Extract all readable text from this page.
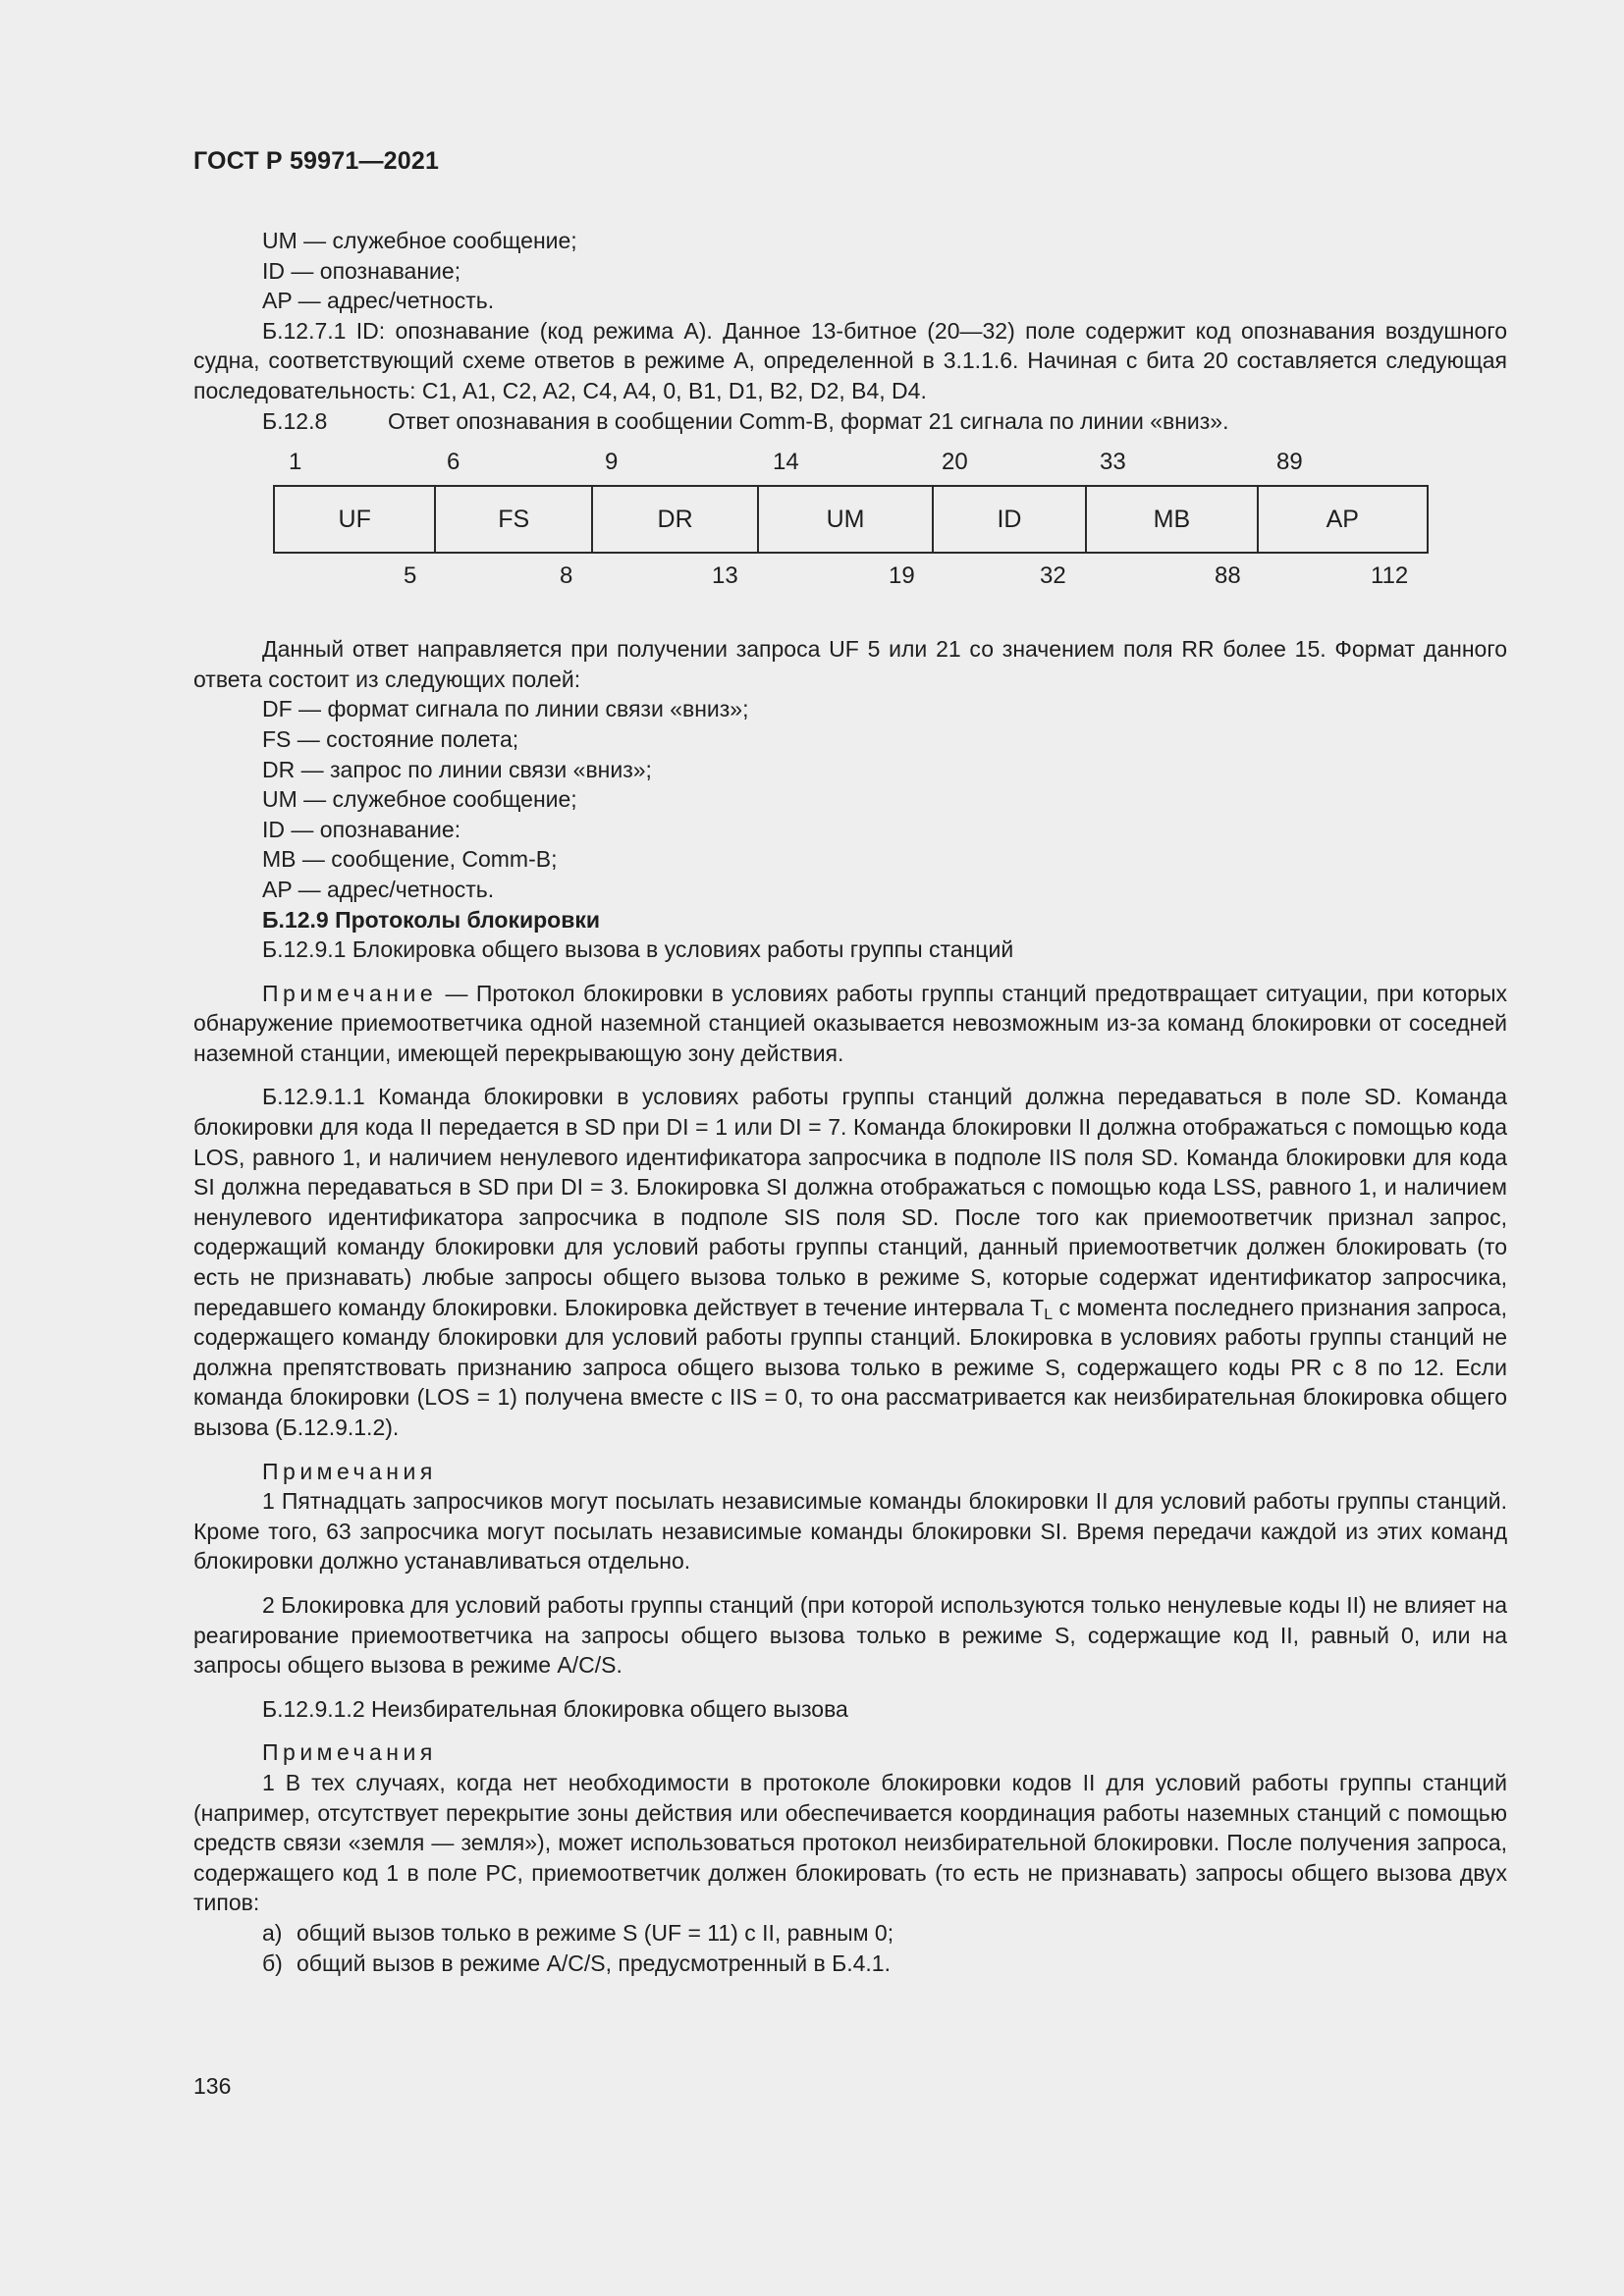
ГОСТ Р 59971—2021

UM — служебное сообщение;

ID — опознавание;

AP — адрес/четность.

Б.12.7.1 ID: опознавание (код режима А). Данное 13-битное (20—32) поле содержит код опознавания воздушного судна, соответствующий схеме ответов в режиме А, определенной в 3.1.1.6. Начиная с бита 20 составляется следующая последовательность: C1, A1, C2, A2, C4, A4, 0, B1, D1, B2, D2, B4, D4.

Б.12.8	Ответ опознавания в сообщении Comm-B, формат 21 сигнала по линии «вниз».

1	6	9	14	20	33	89
UF	FS	DR	UM	ID	MB	AP
5	8	13	19	32	88	112

Данный ответ направляется при получении запроса UF 5 или 21 со значением поля RR более 15. Формат данного ответа состоит из следующих полей:

DF — формат сигнала по линии связи «вниз»;

FS — состояние полета;

DR — запрос по линии связи «вниз»;

UM — служебное сообщение;

ID — опознавание:

MB — сообщение, Comm-B;

AP — адрес/четность.

Б.12.9 Протоколы блокировки

Б.12.9.1 Блокировка общего вызова в условиях работы группы станций

Примечание — Протокол блокировки в условиях работы группы станций предотвращает ситуации, при которых обнаружение приемоответчика одной наземной станцией оказывается невозможным из-за команд блокировки от соседней наземной станции, имеющей перекрывающую зону действия.

Б.12.9.1.1 Команда блокировки в условиях работы группы станций должна передаваться в поле SD. Команда блокировки для кода II передается в SD при DI = 1 или DI = 7. Команда блокировки II должна отображаться с помощью кода LOS, равного 1, и наличием ненулевого идентификатора запросчика в подполе IIS поля SD. Команда блокировки для кода SI должна передаваться в SD при DI = 3. Блокировка SI должна отображаться с помощью кода LSS, равного 1, и наличием ненулевого идентификатора запросчика в подполе SIS поля SD. После того как приемоответчик признал запрос, содержащий команду блокировки для условий работы группы станций, данный приемоответчик должен блокировать (то есть не признавать) любые запросы общего вызова только в режиме S, которые содержат идентификатор запросчика, передавшего команду блокировки. Блокировка действует в течение интервала $T_L$ с момента последнего признания запроса, содержащего команду блокировки для условий работы группы станций. Блокировка в условиях работы группы станций не должна препятствовать признанию запроса общего вызова только в режиме S, содержащего коды PR с 8 по 12. Если команда блокировки (LOS = 1) получена вместе с IIS = 0, то она рассматривается как неизбирательная блокировка общего вызова (Б.12.9.1.2).

Примечания

1 Пятнадцать запросчиков могут посылать независимые команды блокировки II для условий работы группы станций. Кроме того, 63 запросчика могут посылать независимые команды блокировки SI. Время передачи каждой из этих команд блокировки должно устанавливаться отдельно.

2 Блокировка для условий работы группы станций (при которой используются только ненулевые коды II) не влияет на реагирование приемоответчика на запросы общего вызова только в режиме S, содержащие код II, равный 0, или на запросы общего вызова в режиме A/C/S.

Б.12.9.1.2 Неизбирательная блокировка общего вызова

Примечания

1 В тех случаях, когда нет необходимости в протоколе блокировки кодов II для условий работы группы станций (например, отсутствует перекрытие зоны действия или обеспечивается координация работы наземных станций с помощью средств связи «земля — земля»), может использоваться протокол неизбирательной блокировки. После получения запроса, содержащего код 1 в поле PC, приемоответчик должен блокировать (то есть не признавать) запросы общего вызова двух типов:

а) общий вызов только в режиме S (UF = 11) с II, равным 0;

б) общий вызов в режиме A/C/S, предусмотренный в Б.4.1.

136
